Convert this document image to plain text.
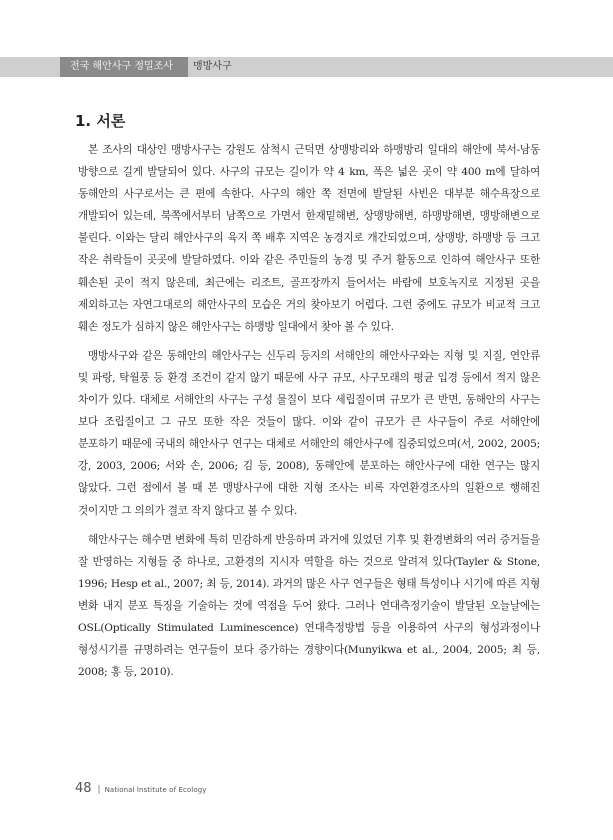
전국 해안사구 정밀조사	맹방사구
1. 서론

본 조사의 대상인 맹방사구는 강원도 삼척시 근덕면 상맹방리와 하맹방리 일대의 해안에 북서-남동 방향으로 길게 발달되어 있다. 사구의 규모는 길이가 약 4 km, 폭은 넓은 곳이 약 400 m에 달하여 동해안의 사구로서는 큰 편에 속한다. 사구의 해안 쪽 전면에 발달된 사빈은 대부분 해수욕장으로 개발되어 있는데, 북쪽에서부터 남쪽으로 가면서 한재밑해변, 상맹방해변, 하맹방해변, 맹방해변으로 불린다. 이와는 달리 해안사구의 육지 쪽 배후 지역은 농경지로 개간되었으며, 상맹방, 하맹방 등 크고 작은 취락들이 곳곳에 발달하였다. 이와 같은 주민들의 농경 및 주거 활동으로 인하여 해안사구 또한 훼손된 곳이 적지 않은데, 최근에는 리조트, 골프장까지 들어서는 바람에 보호녹지로 지정된 곳을 제외하고는 자연그대로의 해안사구의 모습은 거의 찾아보기 어렵다. 그런 중에도 규모가 비교적 크고 훼손 정도가 심하지 않은 해안사구는 하맹방 일대에서 찾아 볼 수 있다.

맹방사구와 같은 동해안의 해안사구는 신두리 등지의 서해안의 해안사구와는 지형 및 지질, 연안류 및 파랑, 탁월풍 등 환경 조건이 같지 않기 때문에 사구 규모, 사구모래의 평균 입경 등에서 적지 않은 차이가 있다. 대체로 서해안의 사구는 구성 물질이 보다 세립질이며 규모가 큰 반면, 동해안의 사구는 보다 조립질이고 그 규모 또한 작은 것들이 많다. 이와 같이 규모가 큰 사구들이 주로 서해안에 분포하기 때문에 국내의 해안사구 연구는 대체로 서해안의 해안사구에 집중되었으며(서, 2002, 2005; 강, 2003, 2006; 서와 손, 2006; 김 등, 2008), 동해안에 분포하는 해안사구에 대한 연구는 많지 않았다. 그런 점에서 볼 때 본 맹방사구에 대한 지형 조사는 비록 자연환경조사의 일환으로 행해진 것이지만 그 의의가 결코 작지 않다고 볼 수 있다.

해안사구는 해수면 변화에 특히 민감하게 반응하며 과거에 있었던 기후 및 환경변화의 여러 증거들을 잘 반영하는 지형들 중 하나로, 고환경의 지시자 역할을 하는 것으로 알려져 있다(Tayler & Stone, 1996; Hesp et al., 2007; 최 등, 2014). 과거의 많은 사구 연구들은 형태 특성이나 시기에 따른 지형 변화 내지 분포 특징을 기술하는 것에 역점을 두어 왔다. 그러나 연대측정기술이 발달된 오늘날에는 OSL(Optically Stimulated Luminescence) 연대측정방법 등을 이용하여 사구의 형성과정이나 형성시기를 규명하려는 연구들이 보다 증가하는 경향이다(Munyikwa et al., 2004, 2005; 최 등, 2008; 홍 등, 2010).

48 | National Institute of Ecology
